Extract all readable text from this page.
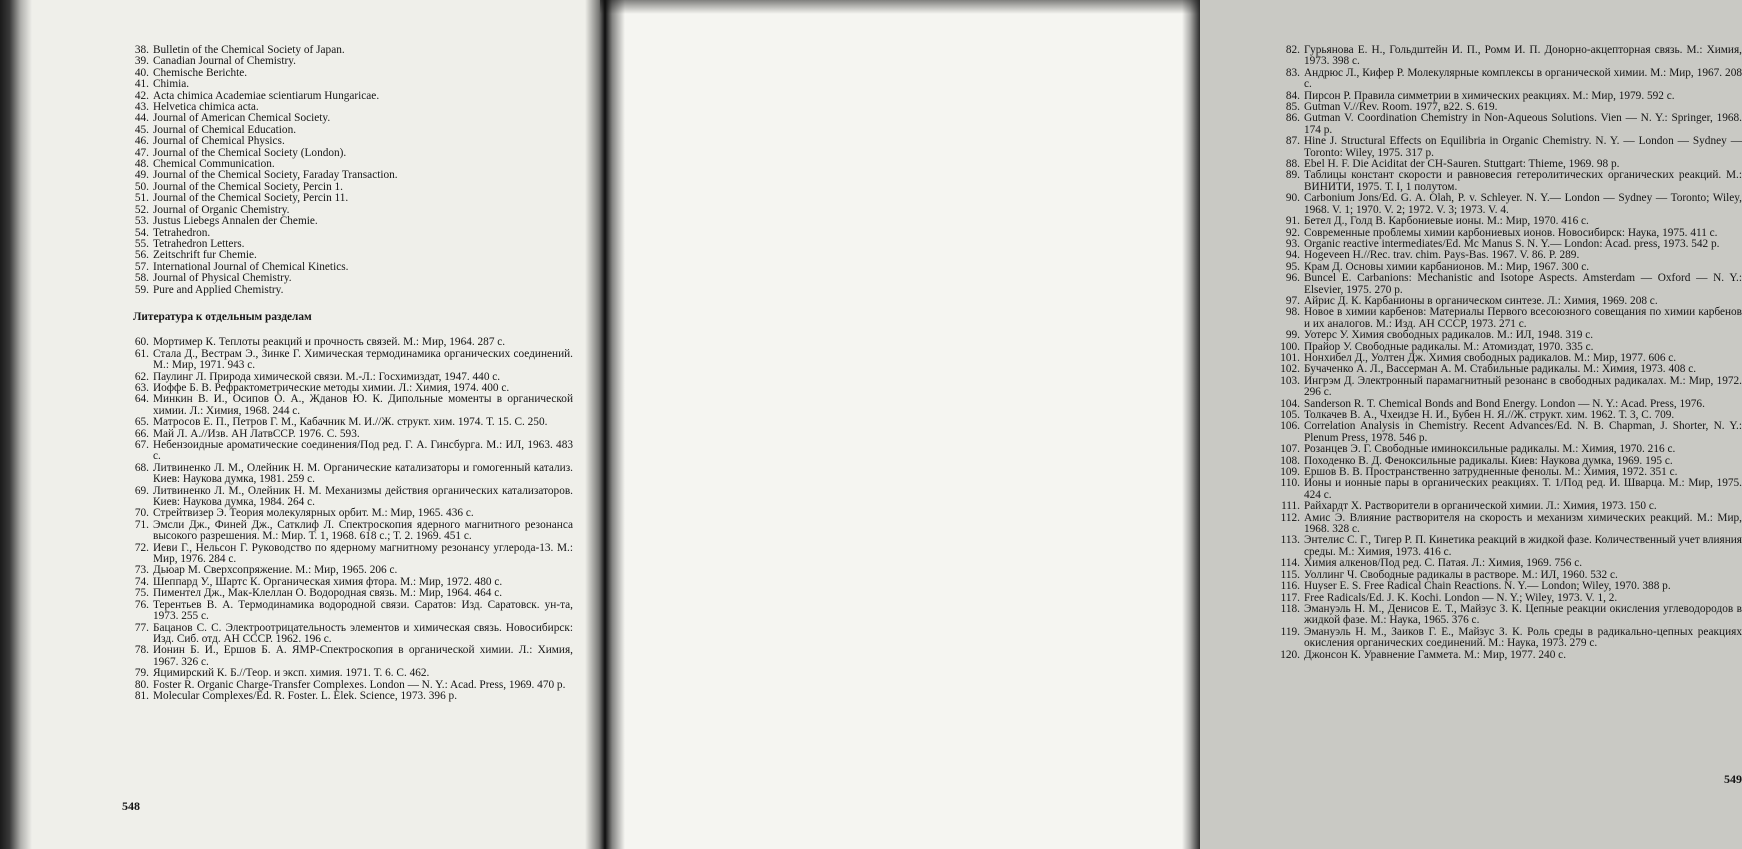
38. Bulletin of the Chemical Society of Japan.
39. Canadian Journal of Chemistry.
40. Chemische Berichte.
41. Chimia.
42. Acta chimica Academiae scientiarum Hungaricae.
43. Helvetica chimica acta.
44. Journal of American Chemical Society.
45. Journal of Chemical Education.
46. Journal of Chemical Physics.
47. Journal of the Chemical Society (London).
48. Chemical Communication.
49. Journal of the Chemical Society, Faraday Transaction.
50. Journal of the Chemical Society, Percin 1.
51. Journal of the Chemical Society, Percin 11.
52. Journal of Organic Chemistry.
53. Justus Liebegs Annalen der Chemie.
54. Tetrahedron.
55. Tetrahedron Letters.
56. Zeitschrift fur Chemie.
57. International Journal of Chemical Kinetics.
58. Journal of Physical Chemistry.
59. Pure and Applied Chemistry.
Литература к отдельным разделам
60. Мортимер К. Теплоты реакций и прочность связей. М.: Мир, 1964. 287 с.
61. Стала Д., Вестрам Э., Зинке Г. Химическая термодинамика органических соединений. М.: Мир, 1971. 943 с.
62. Паулинг Л. Природа химической связи. М.-Л.: Госхимиздат, 1947. 440 с.
63. Иоффе Б. В. Рефрактометрические методы химии. Л.: Химия, 1974. 400 с.
64. Минкин В. И., Осипов О. А., Жданов Ю. К. Дипольные моменты в органической химии. Л.: Химия, 1968. 244 с.
65. Матросов Е. П., Петров Г. М., Кабачник М. И.//Ж. структ. хим. 1974. Т. 15. С. 250.
66. Май Л. А.//Изв. АН ЛатвССР. 1976. С. 593.
67. Небензоидные ароматические соединения/Под ред. Г. А. Гинсбурга. М.: ИЛ, 1963. 483 с.
68. Литвиненко Л. М., Олейник Н. М. Органические катализаторы и гомогенный катализ. Киев: Наукова думка, 1981. 259 с.
69. Литвиненко Л. М., Олейник Н. М. Механизмы действия органических катализаторов. Киев: Наукова думка, 1984. 264 с.
70. Стрейтвизер Э. Теория молекулярных орбит. М.: Мир, 1965. 436 с.
71. Эмсли Дж., Финей Дж., Сатклиф Л. Спектроскопия ядерного магнитного резонанса высокого разрешения. М.: Мир. Т. 1, 1968. 618 с.; Т. 2. 1969. 451 с.
72. Иеви Г., Нельсон Г. Руководство по ядерному магнитному резонансу углерода-13. М.: Мир, 1976. 284 с.
73. Дьюар М. Сверхсопряжение. М.: Мир, 1965. 206 с.
74. Шеппард У., Шартс К. Органическая химия фтора. М.: Мир, 1972. 480 с.
75. Пиментел Дж., Мак-Клеллан О. Водородная связь. М.: Мир, 1964. 464 с.
76. Терентьев В. А. Термодинамика водородной связи. Саратов: Изд. Саратовск. ун-та, 1973. 255 с.
77. Бацанов С. С. Электроотрицательность элементов и химическая связь. Новосибирск: Изд. Сиб. отд. АН СССР. 1962. 196 с.
78. Ионин Б. И., Ершов Б. А. ЯМР-Спектроскопия в органической химии. Л.: Химия, 1967. 326 с.
79. Яцимирский К. Б.//Теор. и эксп. химия. 1971. Т. 6. С. 462.
80. Foster R. Organic Charge-Transfer Complexes. London — N. Y.: Acad. Press, 1969. 470 p.
81. Molecular Complexes/Ed. R. Foster. L. Elek. Science, 1973. 396 p.
548
82. Гурьянова Е. Н., Гольдштейн И. П., Ромм И. П. Донорно-акцепторная связь. М.: Химия, 1973. 398 с.
83. Андрюс Л., Кифер Р. Молекулярные комплексы в органической химии. М.: Мир, 1967. 208 с.
84. Пирсон Р. Правила симметрии в химических реакциях. М.: Мир, 1979. 592 с.
85. Gutman V.//Rev. Room. 1977, в22. S. 619.
86. Gutman V. Coordination Chemistry in Non-Aqueous Solutions. Vien — N. Y.: Springer, 1968. 174 p.
87. Hine J. Structural Effects on Equilibria in Organic Chemistry. N. Y. — London — Sydney — Toronto: Wiley, 1975. 317 p.
88. Ebel H. F. Die Aciditat der CH-Sauren. Stuttgart: Thieme, 1969. 98 p.
89. Таблицы констант скорости и равновесия гетеролитических органических реакций. М.: ВИНИТИ, 1975. Т. I, 1 полутом.
90. Carbonium Jons/Ed. G. A. Olah, P. v. Schleyer. N. Y.— London — Sydney — Toronto; Wiley, 1968. V. 1; 1970. V. 2; 1972. V. 3; 1973. V. 4.
91. Бетел Д., Голд В. Карбониевые ионы. М.: Мир, 1970. 416 с.
92. Современные проблемы химии карбониевых ионов. Новосибирск: Наука, 1975. 411 с.
93. Organic reactive intermediates/Ed. Mc Manus S. N. Y.— London: Acad. press, 1973. 542 p.
94. Hogeveen H.//Rec. trav. chim. Pays-Bas. 1967. V. 86. P. 289.
95. Крам Д. Основы химии карбанионов. М.: Мир, 1967. 300 с.
96. Buncel E. Carbanions: Mechanistic and Isotope Aspects. Amsterdam — Oxford — N. Y.: Elsevier, 1975. 270 p.
97. Айрис Д. К. Карбанионы в органическом синтезе. Л.: Химия, 1969. 208 с.
98. Новое в химии карбенов: Материалы Первого всесоюзного совещания по химии карбенов и их аналогов. М.: Изд. АН СССР, 1973. 271 с.
99. Уотерс У. Химия свободных радикалов. М.: ИЛ, 1948. 319 с.
100. Прайор У. Свободные радикалы. М.: Атомиздат, 1970. 335 с.
101. Нонхибел Д., Уолтен Дж. Химия свободных радикалов. М.: Мир, 1977. 606 с.
102. Бучаченко А. Л., Вассерман А. М. Стабильные радикалы. М.: Химия, 1973. 408 с.
103. Ингрэм Д. Электронный парамагнитный резонанс в свободных радикалах. М.: Мир, 1972. 296 с.
104. Sanderson R. T. Chemical Bonds and Bond Energy. London — N. Y.: Acad. Press, 1976.
105. Толкачев В. А., Чхеидзе Н. И., Бубен Н. Я.//Ж. структ. хим. 1962. Т. 3, С. 709.
106. Correlation Analysis in Chemistry. Recent Advances/Ed. N. B. Chapman, J. Shorter, N. Y.: Plenum Press, 1978. 546 p.
107. Розанцев Э. Г. Свободные иминоксильные радикалы. М.: Химия, 1970. 216 с.
108. Походенко В. Д. Феноксильные радикалы. Киев: Наукова думка, 1969. 195 с.
109. Ершов В. В. Пространственно затрудненные фенолы. М.: Химия, 1972. 351 с.
110. Ионы и ионные пары в органических реакциях. Т. 1/Под ред. И. Шварца. М.: Мир, 1975. 424 с.
111. Райхардт Х. Растворители в органической химии. Л.: Химия, 1973. 150 с.
112. Амис Э. Влияние растворителя на скорость и механизм химических реакций. М.: Мир, 1968. 328 с.
113. Энтелис С. Г., Тигер Р. П. Кинетика реакций в жидкой фазе. Количественный учет влияния среды. М.: Химия, 1973. 416 с.
114. Химия алкенов/Под ред. С. Патая. Л.: Химия, 1969. 756 с.
115. Уоллинг Ч. Свободные радикалы в растворе. М.: ИЛ, 1960. 532 с.
116. Huyser E. S. Free Radical Chain Reactions. N. Y.— London; Wiley, 1970. 388 p.
117. Free Radicals/Ed. J. K. Kochi. London — N. Y.; Wiley, 1973. V. 1, 2.
118. Эмануэль Н. М., Денисов Е. Т., Майзус З. К. Цепные реакции окисления углеводородов в жидкой фазе. М.: Наука, 1965. 376 с.
119. Эмануэль Н. М., Заиков Г. Е., Майзус З. К. Роль среды в радикально-цепных реакциях окисления органических соединений. М.: Наука, 1973. 279 с.
120. Джонсон К. Уравнение Гаммета. М.: Мир, 1977. 240 с.
549
